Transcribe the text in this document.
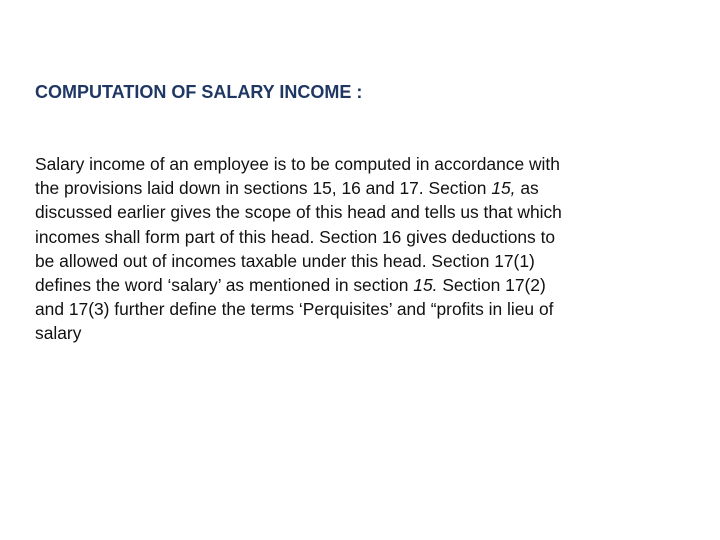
COMPUTATION OF SALARY INCOME :
Salary income of an employee is to be computed in accordance with
the provisions laid down in sections 15, 16 and 17. Section 15, as
discussed earlier gives the scope of this head and tells us that which
incomes shall form part of this head. Section 16 gives deductions to
be allowed out of incomes taxable under this head. Section 17(1)
defines the word ‘salary’ as mentioned in section 15. Section 17(2)
and 17(3) further define the terms ‘Perquisites’ and “profits in lieu of
salary
